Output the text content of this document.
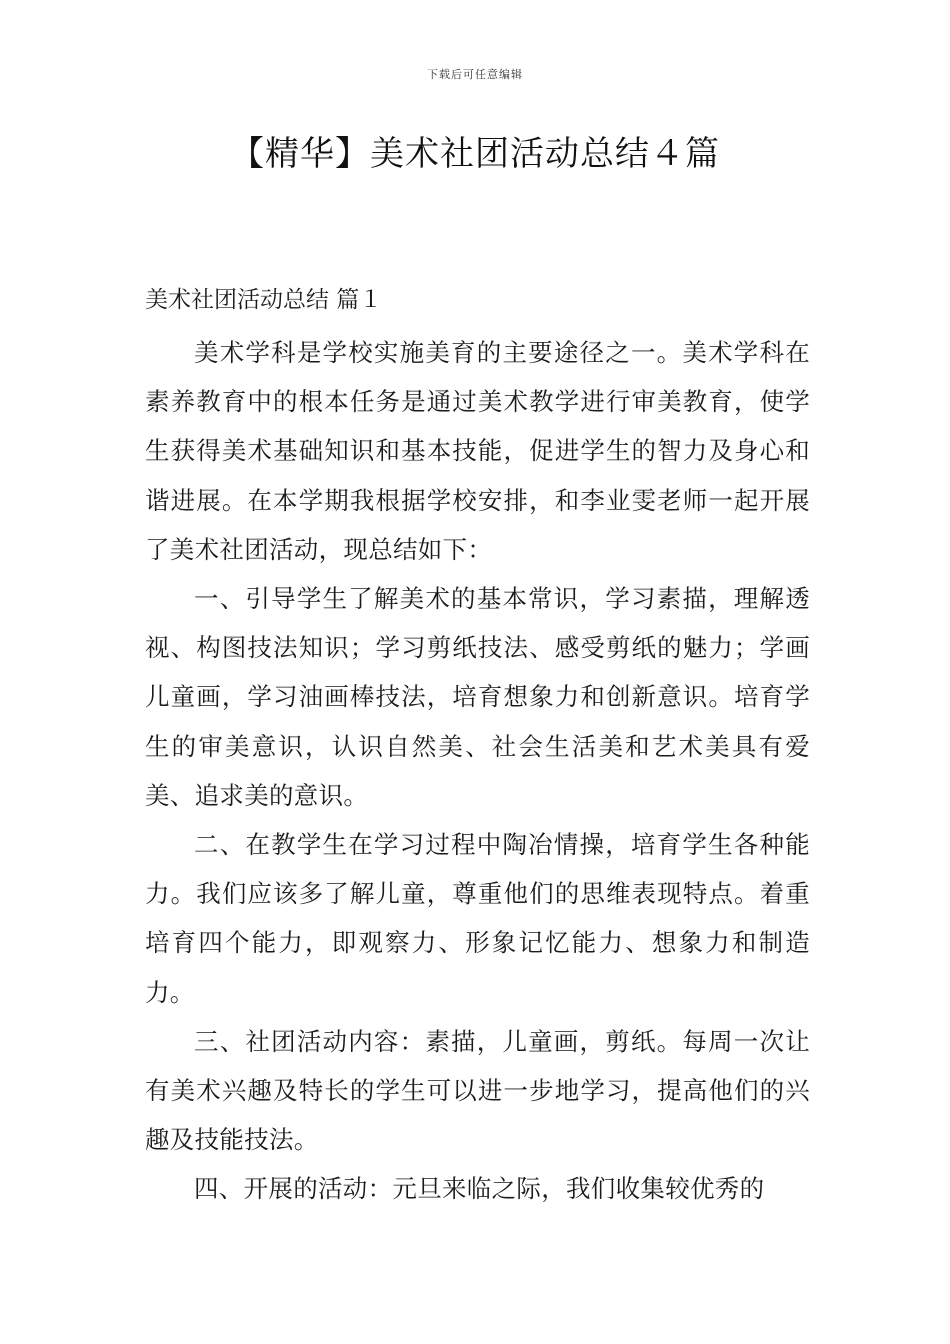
下载后可任意编辑
【精华】美术社团活动总结４篇
美术社团活动总结 篇１

美术学科是学校实施美育的主要途径之一。美术学科在素养教育中的根本任务是通过美术教学进行审美教育，使学生获得美术基础知识和基本技能，促进学生的智力及身心和谐进展。在本学期我根据学校安排，和李业雯老师一起开展了美术社团活动，现总结如下：

一、引导学生了解美术的基本常识，学习素描，理解透视、构图技法知识；学习剪纸技法、感受剪纸的魅力；学画儿童画，学习油画棒技法，培育想象力和创新意识。培育学生的审美意识，认识自然美、社会生活美和艺术美具有爱美、追求美的意识。

二、在教学生在学习过程中陶冶情操，培育学生各种能力。我们应该多了解儿童，尊重他们的思维表现特点。着重培育四个能力，即观察力、形象记忆能力、想象力和制造力。

三、社团活动内容：素描，儿童画，剪纸。每周一次让有美术兴趣及特长的学生可以进一步地学习，提高他们的兴趣及技能技法。

四、开展的活动：元旦来临之际，我们收集较优秀的
